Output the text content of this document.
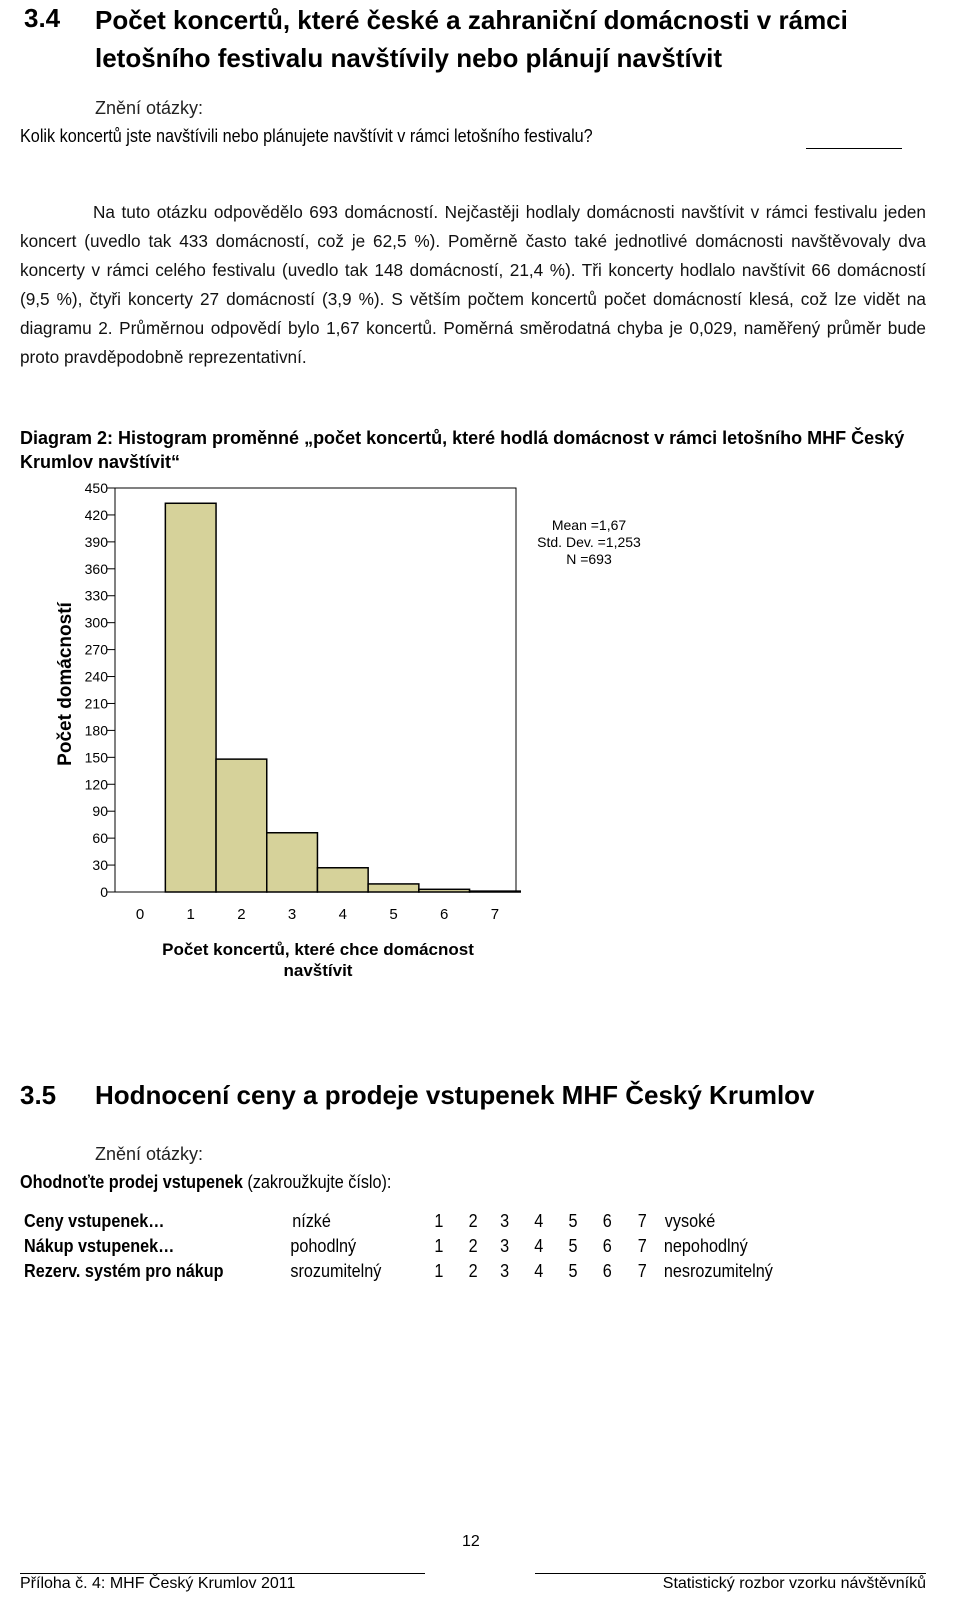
3.4 Počet koncertů, které české a zahraniční domácnosti v rámci letošního festivalu navštívily nebo plánují navštívit
Znění otázky:
Kolik koncertů jste navštívili nebo plánujete navštívit v rámci letošního festivalu?
Na tuto otázku odpovědělo 693 domácností. Nejčastěji hodlaly domácnosti navštívit v rámci festivalu jeden koncert (uvedlo tak 433 domácností, což je 62,5 %). Poměrně často také jednotlivé domácnosti navštěvovaly dva koncerty v rámci celého festivalu (uvedlo tak 148 domácností, 21,4 %). Tři koncerty hodlalo navštívit 66 domácností (9,5 %), čtyři koncerty 27 domácností (3,9 %). S větším počtem koncertů počet domácností klesá, což lze vidět na diagramu 2. Průměrnou odpovědí bylo 1,67 koncertů. Poměrná směrodatná chyba je 0,029, naměřený průměr bude proto pravděpodobně reprezentativní.
Diagram 2: Histogram proměnné „počet koncertů, které hodlá domácnost v rámci letošního MHF Český Krumlov navštívit“
450
420
390
360
330
300
270
240
210
180
150
120
90
60
30
0
0	1	2	3	4	5	6	7
Mean =1,67
Std. Dev. =1,253
N =693
Počet domácností
Počet koncertů, které chce domácnost
navštívit
3.5 Hodnocení ceny a prodeje vstupenek MHF Český Krumlov
Znění otázky:
Ohodnoťte prodej vstupenek (zakroužkujte číslo):
Ceny vstupenek…	nízké	1 2 3 4 5 6 7 vysoké
Nákup vstupenek…	pohodlný	1 2 3 4 5 6 7 nepohodlný
Rezerv. systém pro nákup	srozumitelný	1 2 3 4 5 6 7 nesrozumitelný
12
Příloha č. 4: MHF Český Krumlov 2011	Statistický rozbor vzorku návštěvníků
